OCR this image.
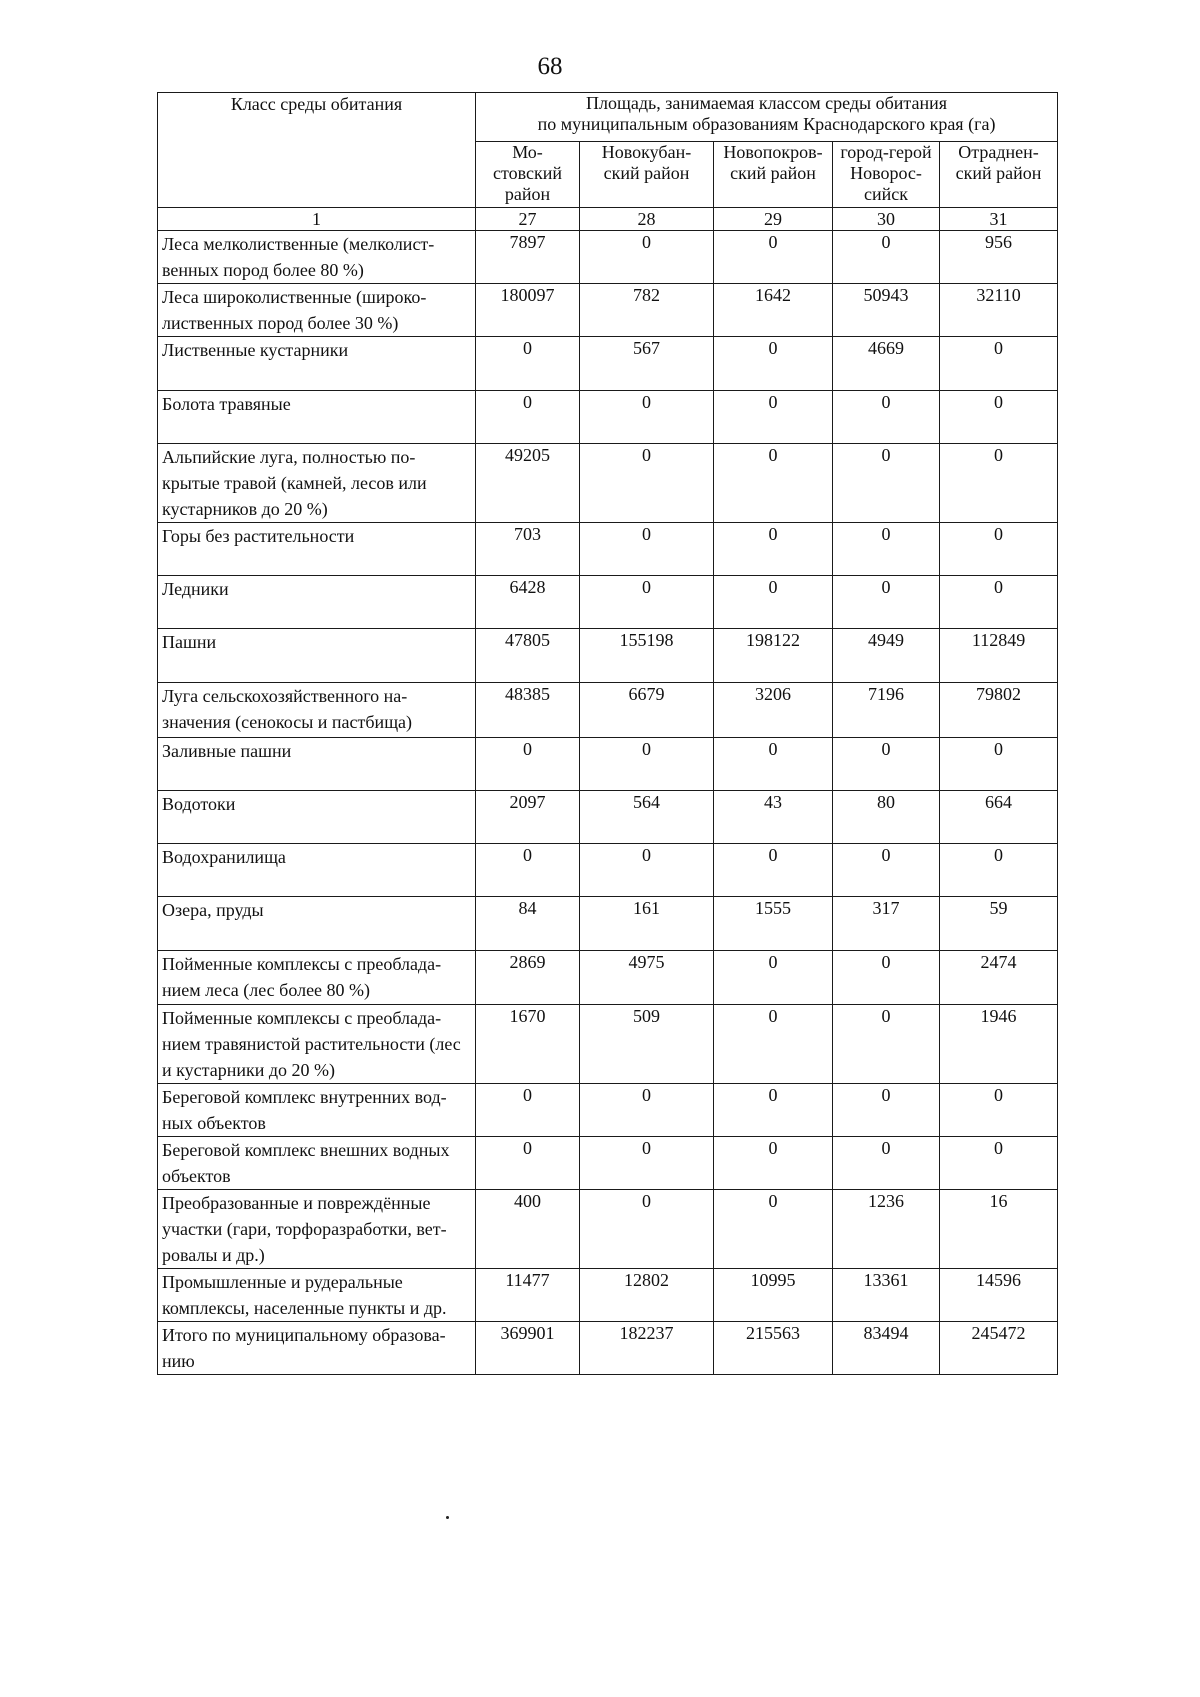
68
Класс среды обитания	Площадь, занимаемая классом среды обитания
по муниципальным образованиям Краснодарского края (га)				

	Мо-стовский район	Новокубан-ский район	Новопокров-ский район	город-герой Новорос-сийск	Отраднен-ский район
1	27	28	29	30	31
Леса мелколиственные (мелколист-венных пород более 80 %)	7897	0	0	0	956
Леса широколиственные (широко-лиственных пород более 30 %)	180097	782	1642	50943	32110
Лиственные кустарники	0	567	0	4669	0
Болота травяные	0	0	0	0	0
Альпийские луга, полностью по-крытые травой (камней, лесов или кустарников до 20 %)	49205	0	0	0	0
Горы без растительности	703	0	0	0	0
Ледники	6428	0	0	0	0
Пашни	47805	155198	198122	4949	112849
Луга сельскохозяйственного на-значения (сенокосы и пастбища)	48385	6679	3206	7196	79802
Заливные пашни	0	0	0	0	0
Водотоки	2097	564	43	80	664
Водохранилища	0	0	0	0	0
Озера, пруды	84	161	1555	317	59
Пойменные комплексы с преоблада-нием леса (лес более 80 %)	2869	4975	0	0	2474
Пойменные комплексы с преоблада-нием травянистой растительности (лес и кустарники до 20 %)	1670	509	0	0	1946
Береговой комплекс внутренних вод-ных объектов	0	0	0	0	0
Береговой комплекс внешних водных объектов	0	0	0	0	0
Преобразованные и повреждённые участки (гари, торфоразработки, вет-ровалы и др.)	400	0	0	1236	16
Промышленные и рудеральные комплексы, населенные пункты и др.	11477	12802	10995	13361	14596
Итого по муниципальному образова-нию	369901	182237	215563	83494	245472
